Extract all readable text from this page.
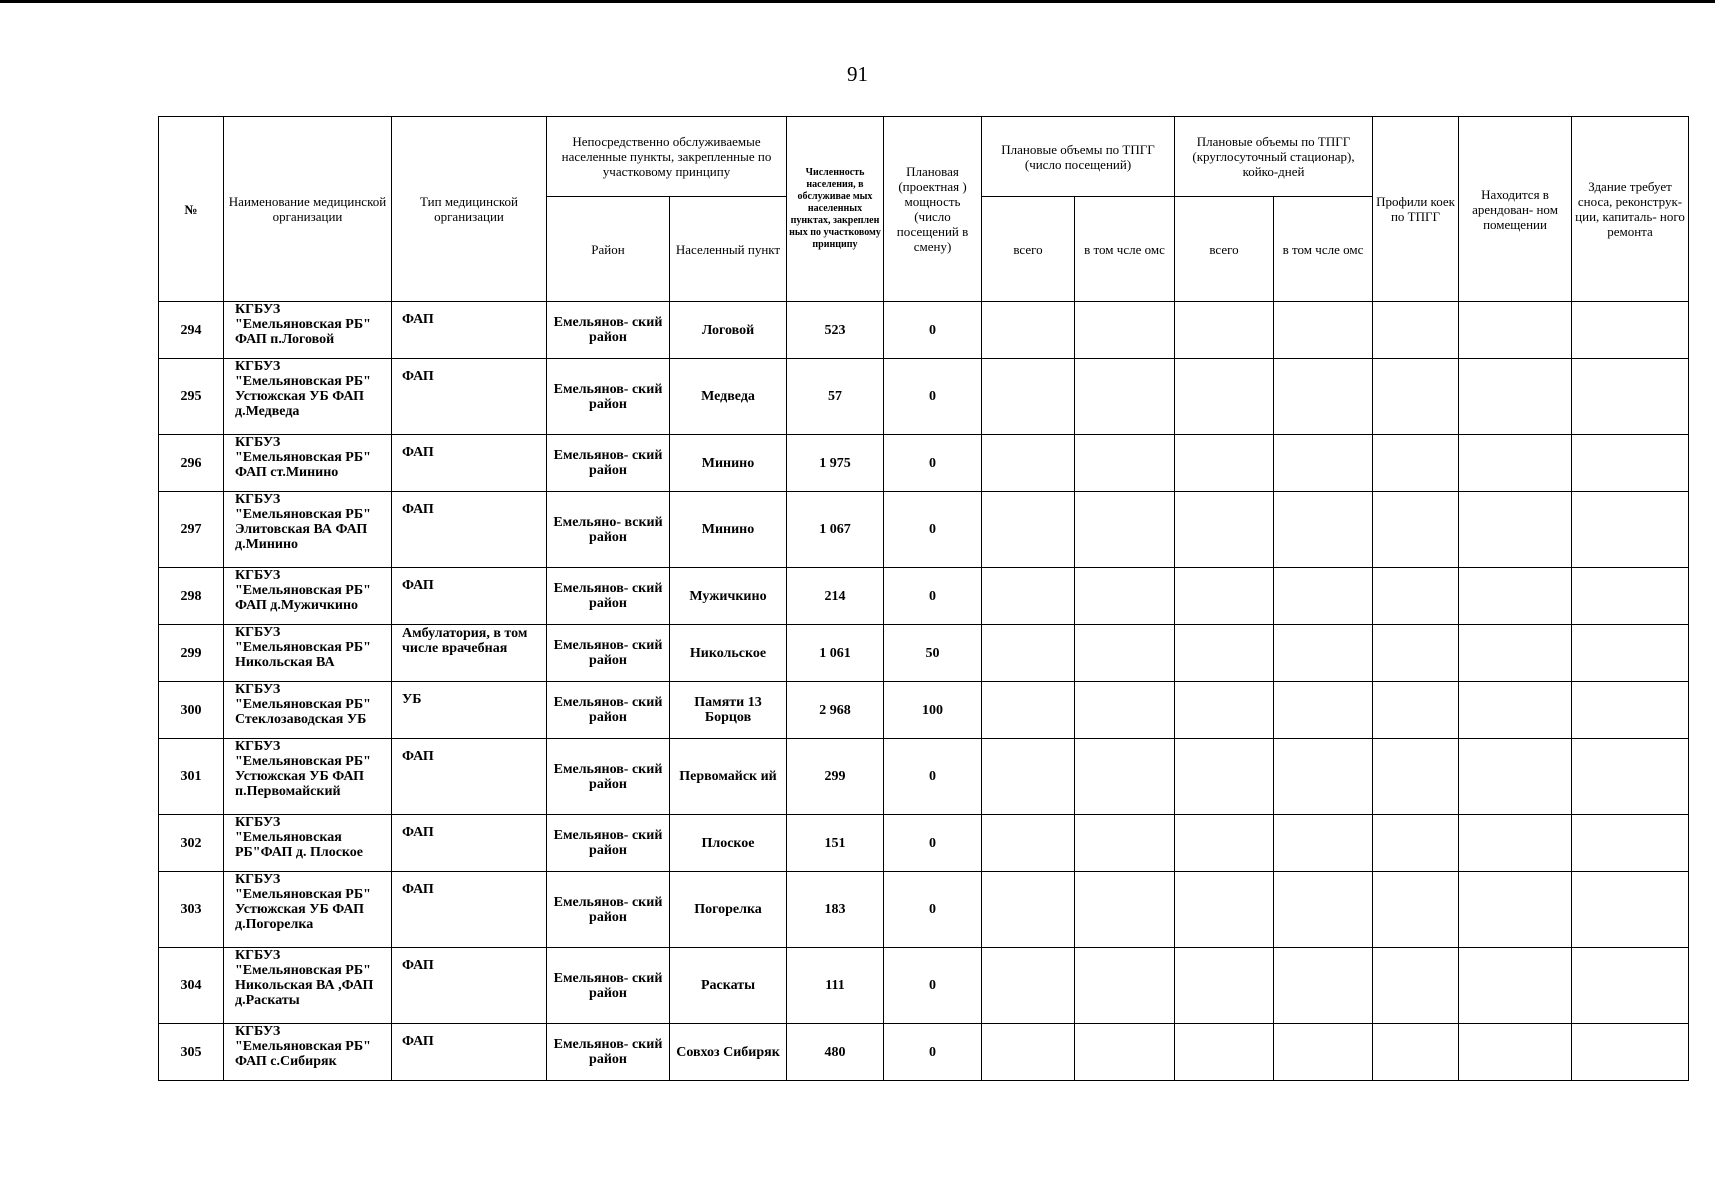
91
№	Наименование медицинской организации	Тип медицинской организации	Непосредственно обслуживаемые населенные пункты, закрепленные по участковому принципу		Численность населения, в обслуживае мых населенных пунктах, закреплен ных по участковому принципу	Плановая (проектная ) мощность (число посещений в смену)	Плановые объемы по ТПГГ (число посещений)		Плановые объемы по ТПГГ (круглосуточный стационар), койко-дней		Профили коек по ТПГГ	Находится в арендован- ном помещении	Здание требует сноса, реконструк- ции, капиталь- ного ремонта
			Район	Населенный пункт			всего	в том чсле омс	всего	в том чсле омс			
294	КГБУЗ "Емельяновская РБ" ФАП п.Логовой	ФАП	Емельянов- ский район	Логовой	523	0							
295	КГБУЗ "Емельяновская РБ" Устюжская УБ ФАП д.Медведа	ФАП	Емельянов- ский район	Медведа	57	0							
296	КГБУЗ "Емельяновская РБ" ФАП ст.Минино	ФАП	Емельянов- ский район	Минино	1 975	0							
297	КГБУЗ "Емельяновская РБ" Элитовская ВА ФАП д.Минино	ФАП	Емельяно- вский район	Минино	1 067	0							
298	КГБУЗ "Емельяновская РБ" ФАП д.Мужичкино	ФАП	Емельянов- ский район	Мужичкино	214	0							
299	КГБУЗ "Емельяновская РБ" Никольская ВА	Амбулатория, в том числе врачебная	Емельянов- ский район	Никольское	1 061	50							
300	КГБУЗ "Емельяновская РБ" Стеклозаводская УБ	УБ	Емельянов- ский район	Памяти 13 Борцов	2 968	100							
301	КГБУЗ "Емельяновская РБ" Устюжская УБ ФАП п.Первомайский	ФАП	Емельянов- ский район	Первомайск ий	299	0							
302	КГБУЗ "Емельяновская РБ"ФАП д. Плоское	ФАП	Емельянов- ский район	Плоское	151	0							
303	КГБУЗ "Емельяновская РБ" Устюжская УБ ФАП д.Погорелка	ФАП	Емельянов- ский район	Погорелка	183	0							
304	КГБУЗ "Емельяновская РБ" Никольская ВА ,ФАП д.Раскаты	ФАП	Емельянов- ский район	Раскаты	111	0							
305	КГБУЗ "Емельяновская РБ" ФАП с.Сибиряк	ФАП	Емельянов- ский район	Совхоз Сибиряк	480	0							
